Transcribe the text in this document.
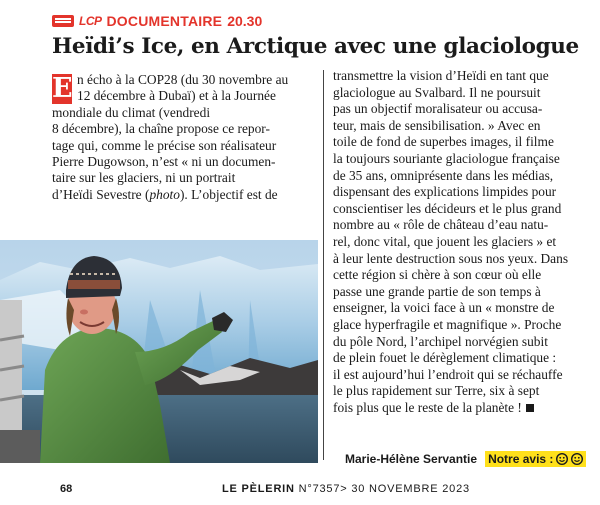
LCP DOCUMENTAIRE 20.30
Heïdi’s Ice, en Arctique avec une glaciologue
E n écho à la COP28 (du 30 novembre au
12 décembre à Dubaï) et à la Journée
mondiale du climat (vendredi
8 décembre), la chaîne propose ce repor-
tage qui, comme le précise son réalisateur
Pierre Dugowson, n’est « ni un documen-
taire sur les glaciers, ni un portrait
d’Heïdi Sevestre (photo). L’objectif est de
transmettre la vision d’Heïdi en tant que
glaciologue au Svalbard. Il ne poursuit
pas un objectif moralisateur ou accusa-
teur, mais de sensibilisation. » Avec en
toile de fond de superbes images, il filme
la toujours souriante glaciologue française
de 35 ans, omniprésente dans les médias,
dispensant des explications limpides pour
conscientiser les décideurs et le plus grand
nombre au « rôle de château d’eau natu-
rel, donc vital, que jouent les glaciers » et
à leur lente destruction sous nos yeux. Dans
cette région si chère à son cœur où elle
passe une grande partie de son temps à
enseigner, la voici face à un « monstre de
glace hyperfragile et magnifique ». Proche
du pôle Nord, l’archipel norvégien subit
de plein fouet le dérèglement climatique :
il est aujourd’hui l’endroit qui se réchauffe
le plus rapidement sur Terre, six à sept
fois plus que le reste de la planète !
Marie-Hélène Servantie Notre avis :
68	LE PÈLERIN N°7357> 30 NOVEMBRE 2023
